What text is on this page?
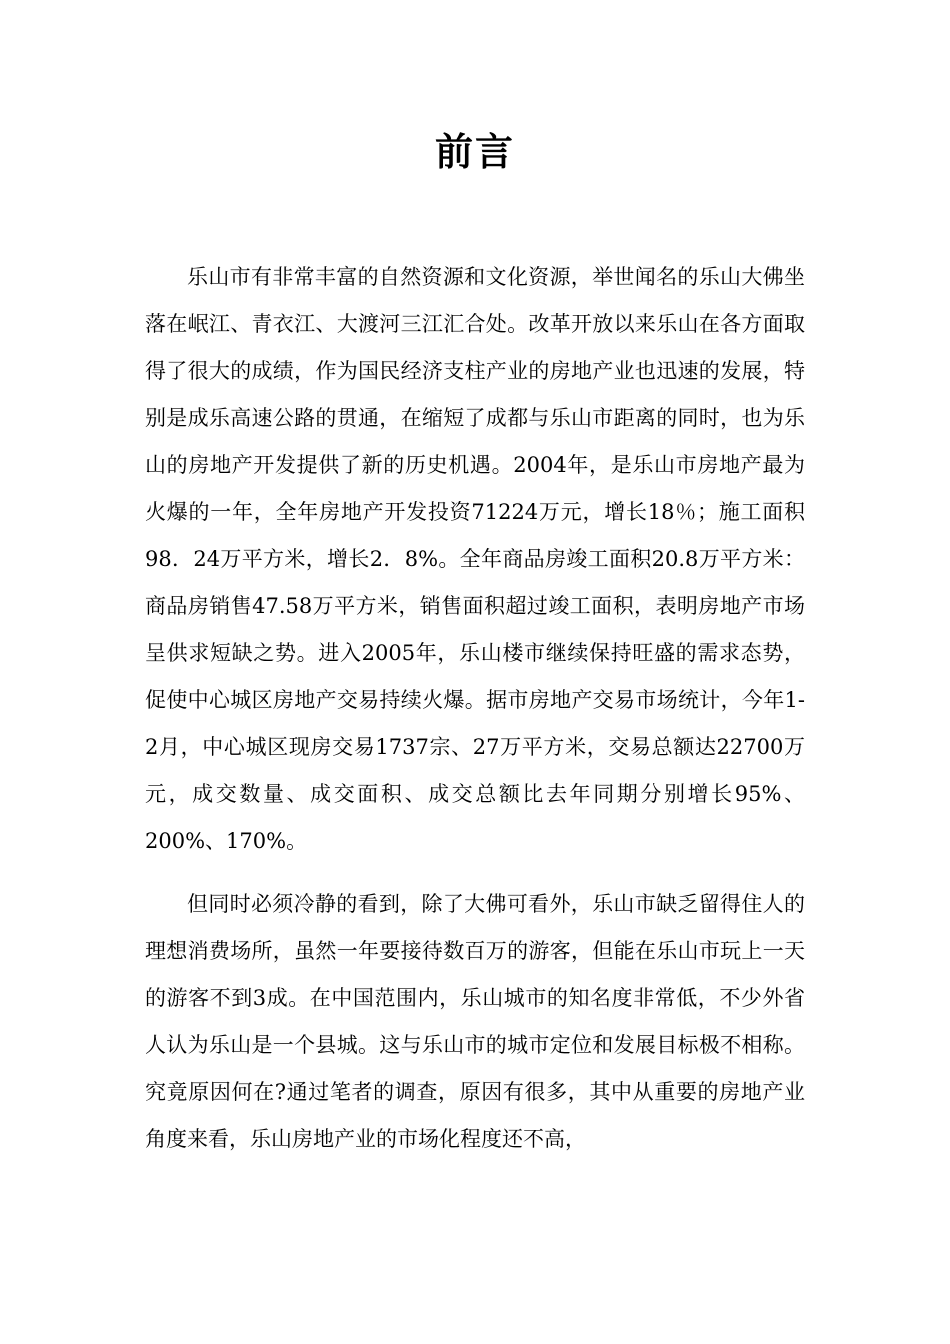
前言

乐山市有非常丰富的自然资源和文化资源，举世闻名的乐山大佛坐落在岷江、青衣江、大渡河三江汇合处。改革开放以来乐山在各方面取得了很大的成绩，作为国民经济支柱产业的房地产业也迅速的发展，特别是成乐高速公路的贯通，在缩短了成都与乐山市距离的同时，也为乐山的房地产开发提供了新的历史机遇。2004年，是乐山市房地产最为火爆的一年，全年房地产开发投资71224万元，增长18％；施工面积98．24万平方米，增长2．8%。全年商品房竣工面积20.8万平方米：商品房销售47.58万平方米，销售面积超过竣工面积，表明房地产市场呈供求短缺之势。进入2005年，乐山楼市继续保持旺盛的需求态势，促使中心城区房地产交易持续火爆。据市房地产交易市场统计，今年1-2月，中心城区现房交易1737宗、27万平方米，交易总额达22700万元，成交数量、成交面积、成交总额比去年同期分别增长95%、200%、170%。

但同时必须冷静的看到，除了大佛可看外，乐山市缺乏留得住人的理想消费场所，虽然一年要接待数百万的游客，但能在乐山市玩上一天的游客不到3成。在中国范围内，乐山城市的知名度非常低，不少外省人认为乐山是一个县城。这与乐山市的城市定位和发展目标极不相称。究竟原因何在?通过笔者的调查，原因有很多，其中从重要的房地产业角度来看，乐山房地产业的市场化程度还不高，
